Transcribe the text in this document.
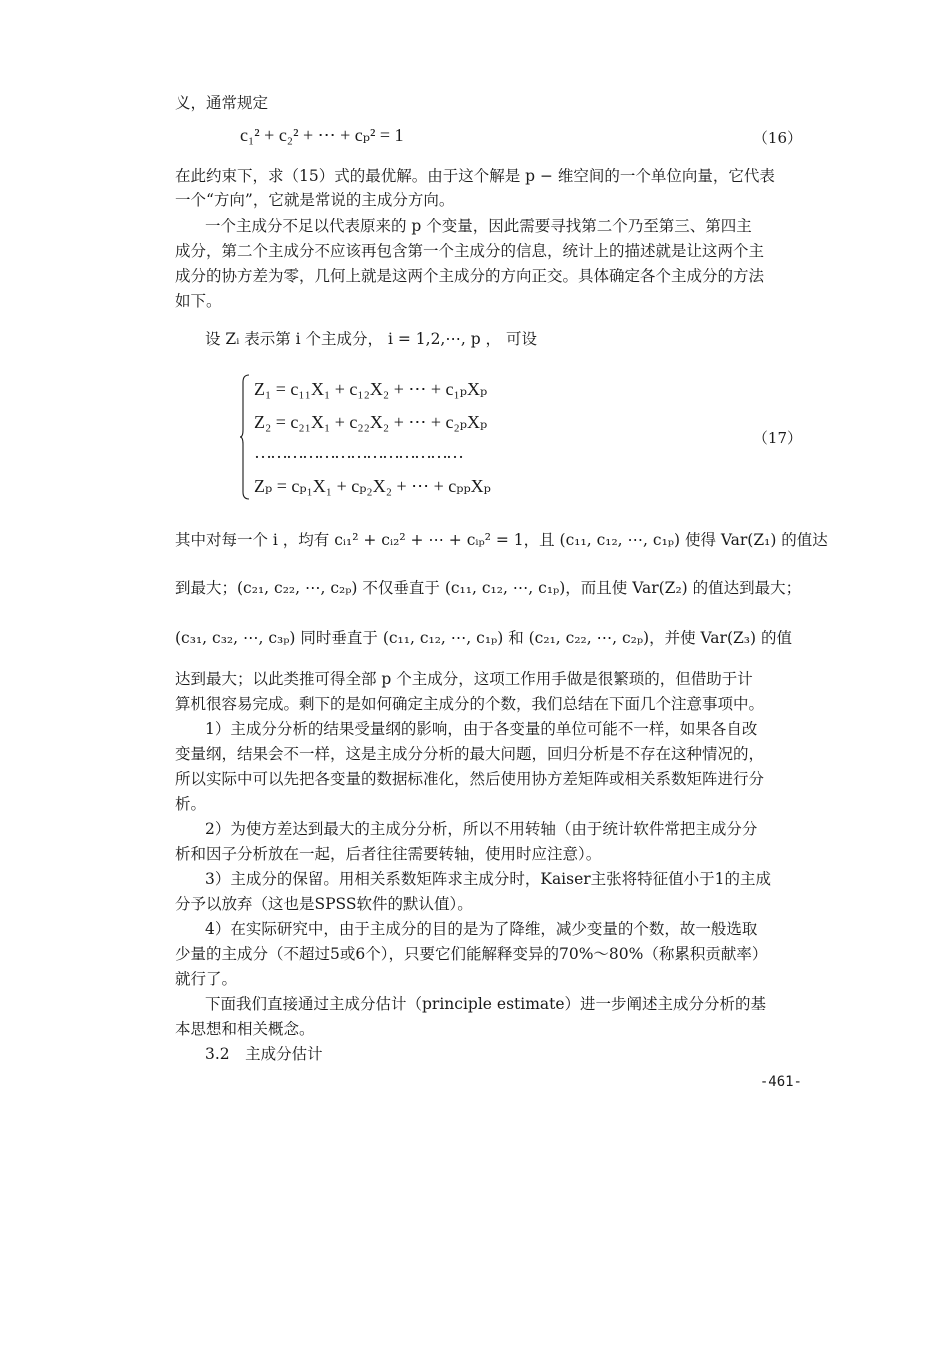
义，通常规定
c₁² + c₂² + ⋯ + cₚ² = 1	（16）
在此约束下，求（15）式的最优解。由于这个解是 p − 维空间的一个单位向量，它代表
一个“方向”，它就是常说的主成分方向。
一个主成分不足以代表原来的 p 个变量，因此需要寻找第二个乃至第三、第四主
成分，第二个主成分不应该再包含第一个主成分的信息，统计上的描述就是让这两个主
成分的协方差为零，几何上就是这两个主成分的方向正交。具体确定各个主成分的方法
如下。
设 Zᵢ 表示第 i 个主成分， i = 1,2,⋯, p ， 可设
Z₁ = c₁₁X₁ + c₁₂X₂ + ⋯ + c₁ₚXₚ
Z₂ = c₂₁X₁ + c₂₂X₂ + ⋯ + c₂ₚXₚ
…………………………………
Zₚ = cₚ₁X₁ + cₚ₂X₂ + ⋯ + cₚₚXₚ
（17）
其中对每一个 i ，均有 cᵢ₁² + cᵢ₂² + ⋯ + cᵢₚ² = 1，且 (c₁₁, c₁₂, ⋯, c₁ₚ) 使得 Var(Z₁) 的值达
到最大；(c₂₁, c₂₂, ⋯, c₂ₚ) 不仅垂直于 (c₁₁, c₁₂, ⋯, c₁ₚ)，而且使 Var(Z₂) 的值达到最大；
(c₃₁, c₃₂, ⋯, c₃ₚ) 同时垂直于 (c₁₁, c₁₂, ⋯, c₁ₚ) 和 (c₂₁, c₂₂, ⋯, c₂ₚ)，并使 Var(Z₃) 的值
达到最大；以此类推可得全部 p 个主成分，这项工作用手做是很繁琐的，但借助于计
算机很容易完成。剩下的是如何确定主成分的个数，我们总结在下面几个注意事项中。
1）主成分分析的结果受量纲的影响，由于各变量的单位可能不一样，如果各自改
变量纲，结果会不一样，这是主成分分析的最大问题，回归分析是不存在这种情况的，
所以实际中可以先把各变量的数据标准化，然后使用协方差矩阵或相关系数矩阵进行分
析。
2）为使方差达到最大的主成分分析，所以不用转轴（由于统计软件常把主成分分
析和因子分析放在一起，后者往往需要转轴，使用时应注意）。
3）主成分的保留。用相关系数矩阵求主成分时，Kaiser主张将特征值小于1的主成
分予以放弃（这也是SPSS软件的默认值）。
4）在实际研究中，由于主成分的目的是为了降维，减少变量的个数，故一般选取
少量的主成分（不超过5或6个），只要它们能解释变异的70%～80%（称累积贡献率）
就行了。
下面我们直接通过主成分估计（principle estimate）进一步阐述主成分分析的基
本思想和相关概念。
3.2　主成分估计
-461-
